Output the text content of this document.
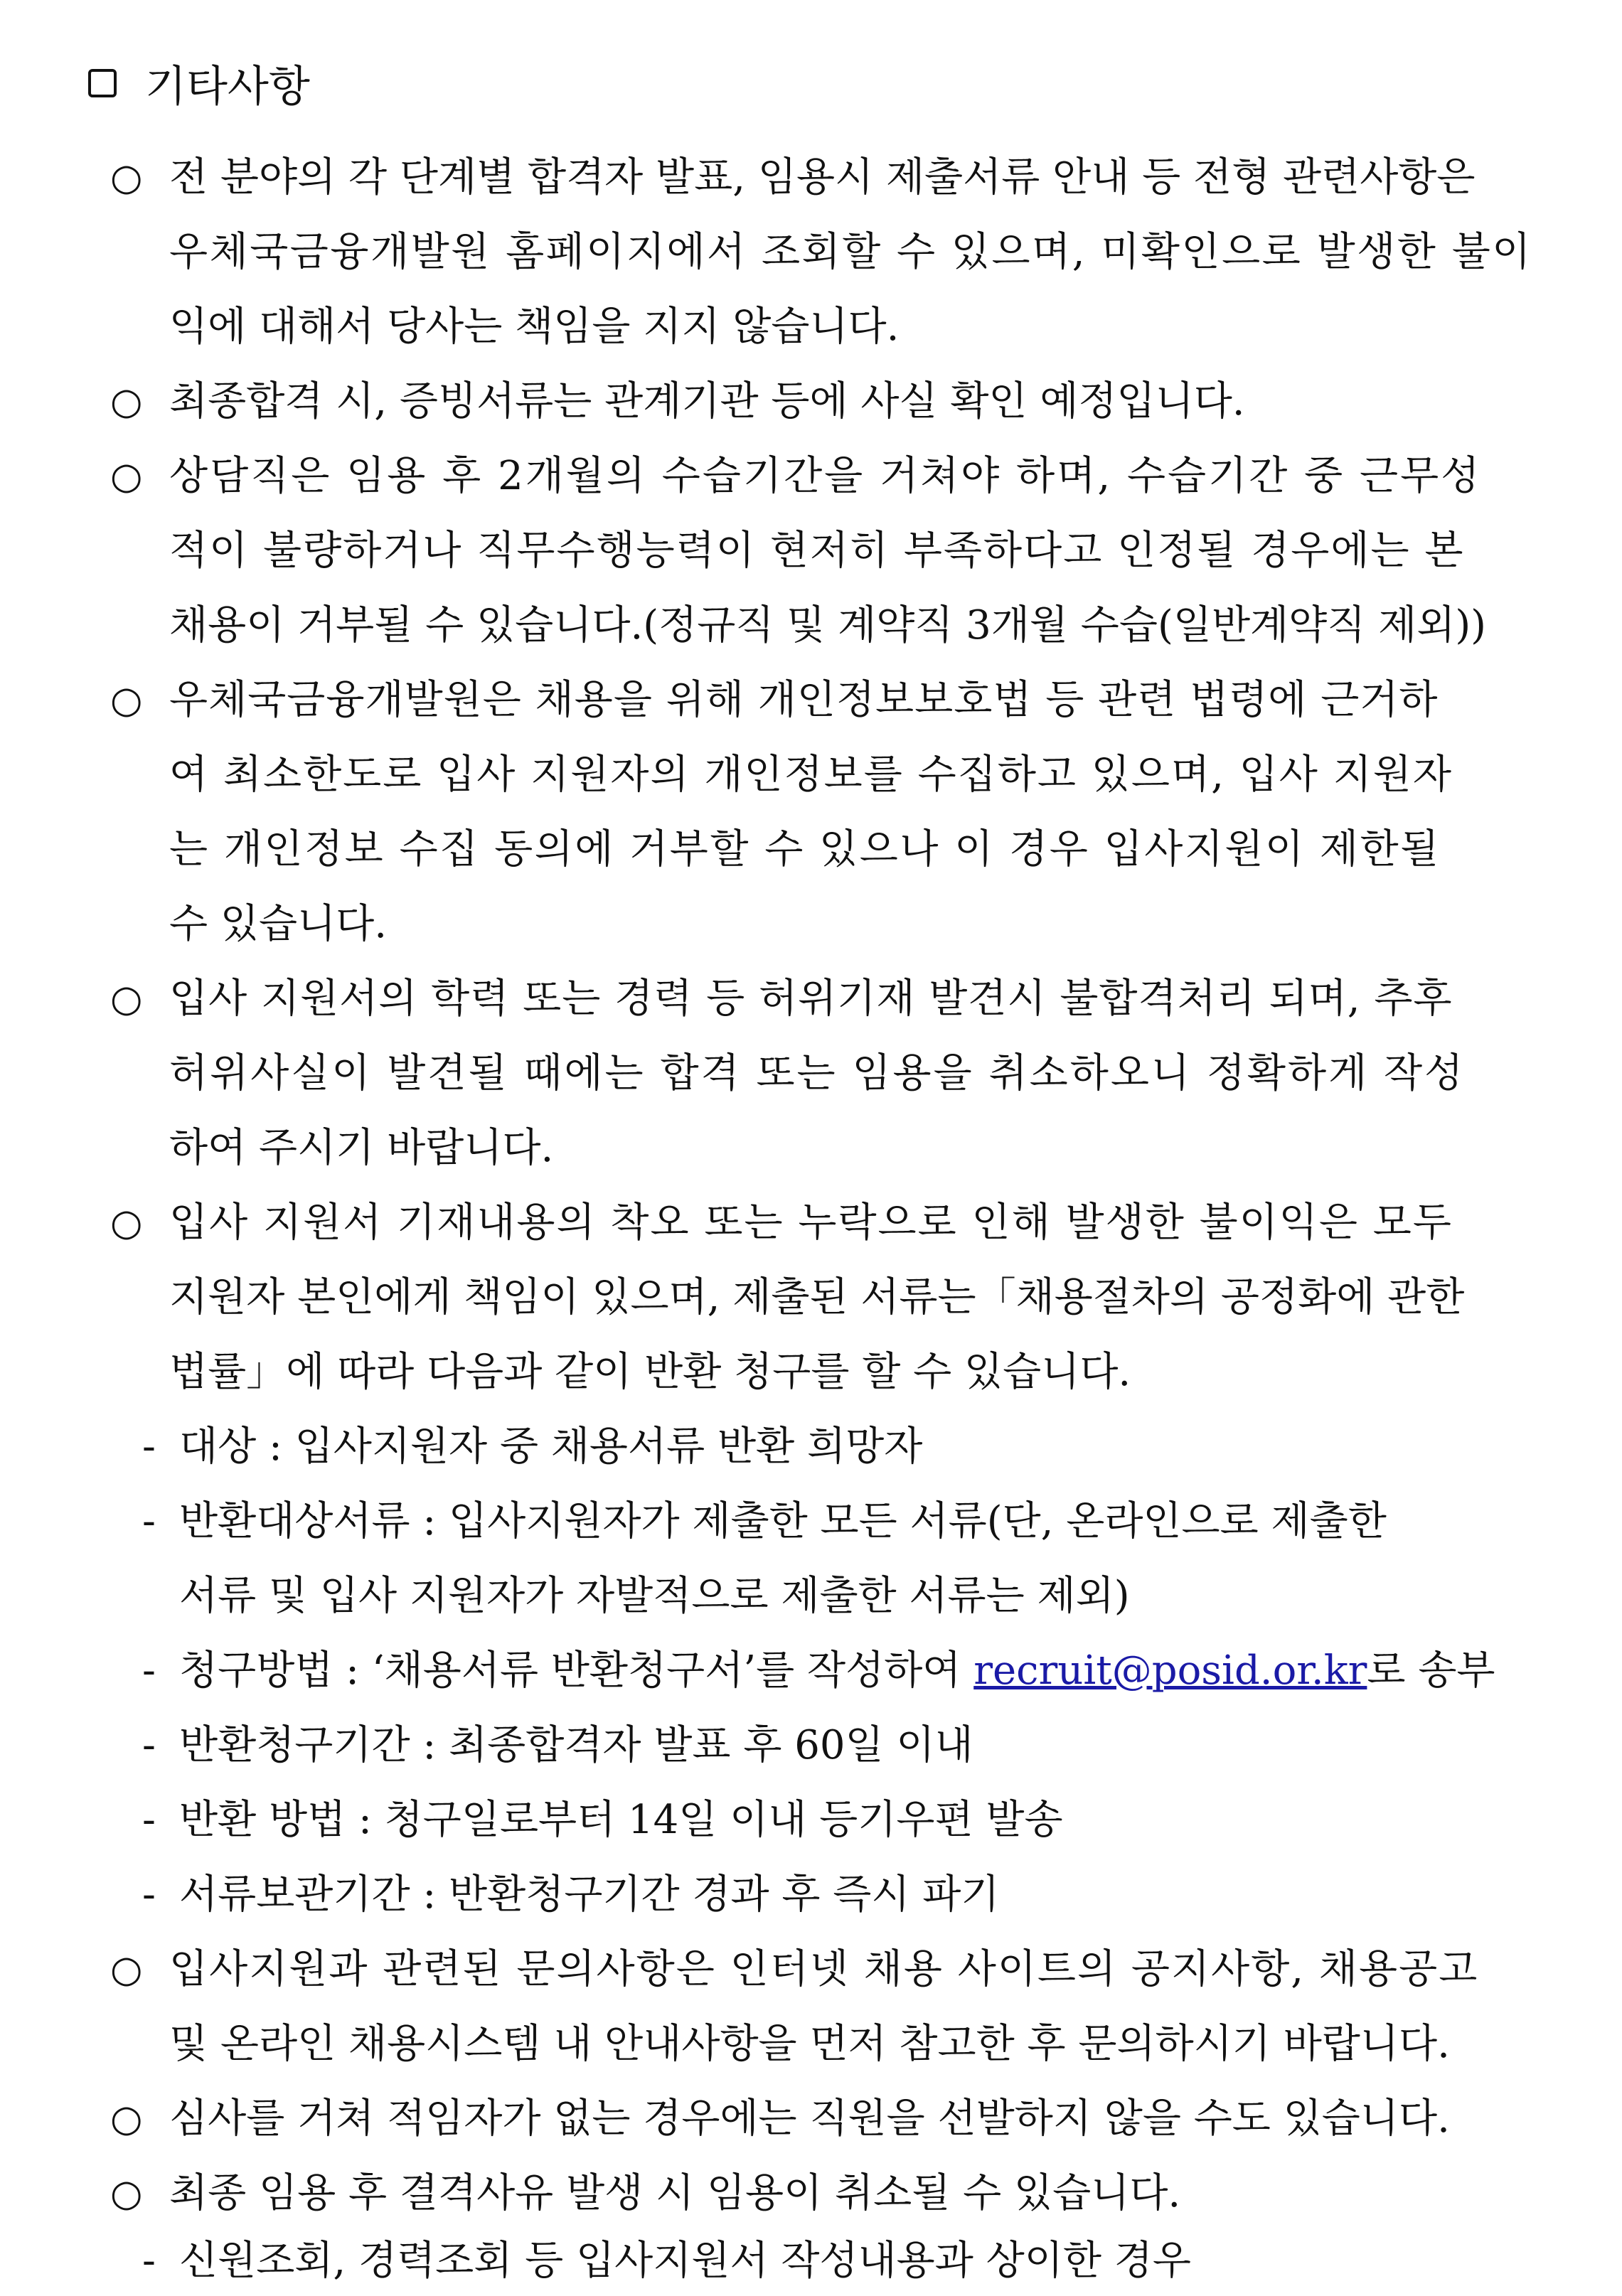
기타사항
○ 전 분야의 각 단계별 합격자 발표, 임용시 제출서류 안내 등 전형 관련사항은
우체국금융개발원 홈페이지에서 조회할 수 있으며, 미확인으로 발생한 불이
익에 대해서 당사는 책임을 지지 않습니다.
○ 최종합격 시, 증빙서류는 관계기관 등에 사실 확인 예정입니다.
○ 상담직은 임용 후 2개월의 수습기간을 거쳐야 하며, 수습기간 중 근무성
적이 불량하거나 직무수행능력이 현저히 부족하다고 인정될 경우에는 본
채용이 거부될 수 있습니다.(정규직 및 계약직 3개월 수습(일반계약직 제외))
○ 우체국금융개발원은 채용을 위해 개인정보보호법 등 관련 법령에 근거하
여 최소한도로 입사 지원자의 개인정보를 수집하고 있으며, 입사 지원자
는 개인정보 수집 동의에 거부할 수 있으나 이 경우 입사지원이 제한될
수 있습니다.
○ 입사 지원서의 학력 또는 경력 등 허위기재 발견시 불합격처리 되며, 추후
허위사실이 발견될 때에는 합격 또는 임용을 취소하오니 정확하게 작성
하여 주시기 바랍니다.
○ 입사 지원서 기재내용의 착오 또는 누락으로 인해 발생한 불이익은 모두
지원자 본인에게 책임이 있으며, 제출된 서류는「채용절차의 공정화에 관한
법률」에 따라 다음과 같이 반환 청구를 할 수 있습니다.
- 대상 : 입사지원자 중 채용서류 반환 희망자
- 반환대상서류 : 입사지원자가 제출한 모든 서류(단, 온라인으로 제출한
서류 및 입사 지원자가 자발적으로 제출한 서류는 제외)
- 청구방법 : ‘채용서류 반환청구서’를 작성하여 recruit@posid.or.kr로 송부
- 반환청구기간 : 최종합격자 발표 후 60일 이내
- 반환 방법 : 청구일로부터 14일 이내 등기우편 발송
- 서류보관기간 : 반환청구기간 경과 후 즉시 파기
○ 입사지원과 관련된 문의사항은 인터넷 채용 사이트의 공지사항, 채용공고
및 온라인 채용시스템 내 안내사항을 먼저 참고한 후 문의하시기 바랍니다.
○ 심사를 거쳐 적임자가 없는 경우에는 직원을 선발하지 않을 수도 있습니다.
○ 최종 임용 후 결격사유 발생 시 임용이 취소될 수 있습니다.
- 신원조회, 경력조회 등 입사지원서 작성내용과 상이한 경우
